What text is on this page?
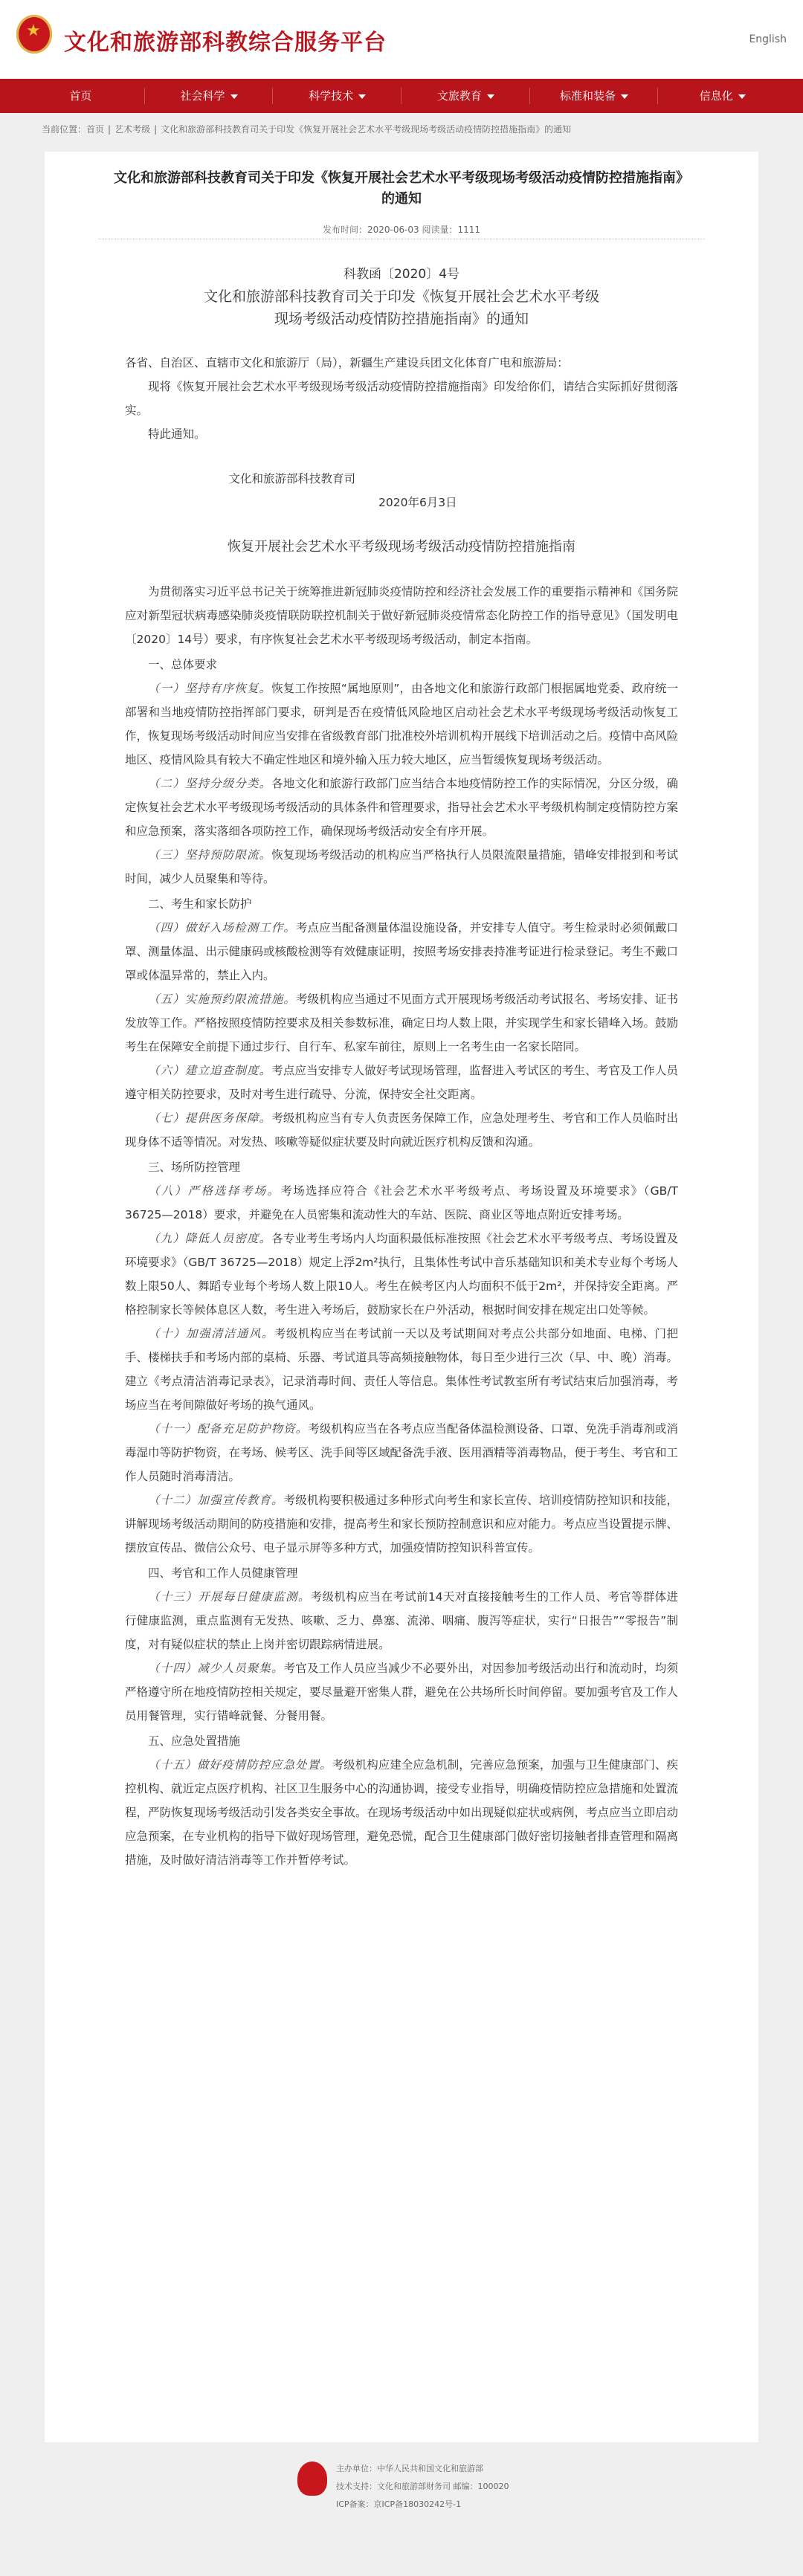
★
文化和旅游部科教综合服务平台	English
首页	社会科学	科学技术	文旅教育	标准和装备	信息化
当前位置：首页 | 艺术考级 | 文化和旅游部科技教育司关于印发《恢复开展社会艺术水平考级现场考级活动疫情防控措施指南》的通知
文化和旅游部科技教育司关于印发《恢复开展社会艺术水平考级现场考级活动疫情防控措施指南》的通知
发布时间：2020-06-03 阅读量：1111

科教函〔2020〕4号

文化和旅游部科技教育司关于印发《恢复开展社会艺术水平考级

现场考级活动疫情防控措施指南》的通知

各省、自治区、直辖市文化和旅游厅（局），新疆生产建设兵团文化体育广电和旅游局：

现将《恢复开展社会艺术水平考级现场考级活动疫情防控措施指南》印发给你们，请结合实际抓好贯彻落实。

特此通知。

文化和旅游部科技教育司

2020年6月3日

恢复开展社会艺术水平考级现场考级活动疫情防控措施指南

为贯彻落实习近平总书记关于统筹推进新冠肺炎疫情防控和经济社会发展工作的重要指示精神和《国务院应对新型冠状病毒感染肺炎疫情联防联控机制关于做好新冠肺炎疫情常态化防控工作的指导意见》（国发明电〔2020〕14号）要求，有序恢复社会艺术水平考级现场考级活动，制定本指南。

一、总体要求

（一）坚持有序恢复。恢复工作按照“属地原则”，由各地文化和旅游行政部门根据属地党委、政府统一部署和当地疫情防控指挥部门要求，研判是否在疫情低风险地区启动社会艺术水平考级现场考级活动恢复工作，恢复现场考级活动时间应当安排在省级教育部门批准校外培训机构开展线下培训活动之后。疫情中高风险地区、疫情风险具有较大不确定性地区和境外输入压力较大地区，应当暂缓恢复现场考级活动。

（二）坚持分级分类。各地文化和旅游行政部门应当结合本地疫情防控工作的实际情况，分区分级，确定恢复社会艺术水平考级现场考级活动的具体条件和管理要求，指导社会艺术水平考级机构制定疫情防控方案和应急预案，落实落细各项防控工作，确保现场考级活动安全有序开展。

（三）坚持预防限流。恢复现场考级活动的机构应当严格执行人员限流限量措施，错峰安排报到和考试时间，减少人员聚集和等待。

二、考生和家长防护

（四）做好入场检测工作。考点应当配备测量体温设施设备，并安排专人值守。考生检录时必须佩戴口罩、测量体温、出示健康码或核酸检测等有效健康证明，按照考场安排表持准考证进行检录登记。考生不戴口罩或体温异常的，禁止入内。

（五）实施预约限流措施。考级机构应当通过不见面方式开展现场考级活动考试报名、考场安排、证书发放等工作。严格按照疫情防控要求及相关参数标准，确定日均人数上限，并实现学生和家长错峰入场。鼓励考生在保障安全前提下通过步行、自行车、私家车前往，原则上一名考生由一名家长陪同。

（六）建立追查制度。考点应当安排专人做好考试现场管理，监督进入考试区的考生、考官及工作人员遵守相关防控要求，及时对考生进行疏导、分流，保持安全社交距离。

（七）提供医务保障。考级机构应当有专人负责医务保障工作，应急处理考生、考官和工作人员临时出现身体不适等情况。对发热、咳嗽等疑似症状要及时向就近医疗机构反馈和沟通。

三、场所防控管理

（八）严格选择考场。考场选择应符合《社会艺术水平考级考点、考场设置及环境要求》（GB/T 36725—2018）要求，并避免在人员密集和流动性大的车站、医院、商业区等地点附近安排考场。

（九）降低人员密度。各专业考生考场内人均面积最低标准按照《社会艺术水平考级考点、考场设置及环境要求》（GB/T 36725—2018）规定上浮2m²执行，且集体性考试中音乐基础知识和美术专业每个考场人数上限50人、舞蹈专业每个考场人数上限10人。考生在候考区内人均面积不低于2m²，并保持安全距离。严格控制家长等候体息区人数，考生进入考场后，鼓励家长在户外活动，根据时间安排在规定出口处等候。

（十）加强清洁通风。考级机构应当在考试前一天以及考试期间对考点公共部分如地面、电梯、门把手、楼梯扶手和考场内部的桌椅、乐器、考试道具等高频接触物体，每日至少进行三次（早、中、晚）消毒。建立《考点清洁消毒记录表》，记录消毒时间、责任人等信息。集体性考试教室所有考试结束后加强消毒，考场应当在考间隙做好考场的换气通风。

（十一）配备充足防护物资。考级机构应当在各考点应当配备体温检测设备、口罩、免洗手消毒剂或消毒湿巾等防护物资，在考场、候考区、洗手间等区域配备洗手液、医用酒精等消毒物品，便于考生、考官和工作人员随时消毒清洁。

（十二）加强宣传教育。考级机构要积极通过多种形式向考生和家长宣传、培训疫情防控知识和技能，讲解现场考级活动期间的防疫措施和安排，提高考生和家长预防控制意识和应对能力。考点应当设置提示牌、摆放宣传品、微信公众号、电子显示屏等多种方式，加强疫情防控知识科普宣传。

四、考官和工作人员健康管理

（十三）开展每日健康监测。考级机构应当在考试前14天对直接接触考生的工作人员、考官等群体进行健康监测，重点监测有无发热、咳嗽、乏力、鼻塞、流涕、咽痛、腹泻等症状，实行“日报告”“零报告”制度，对有疑似症状的禁止上岗并密切跟踪病情进展。

（十四）减少人员聚集。考官及工作人员应当减少不必要外出，对因参加考级活动出行和流动时，均须严格遵守所在地疫情防控相关规定，要尽量避开密集人群，避免在公共场所长时间停留。要加强考官及工作人员用餐管理，实行错峰就餐、分餐用餐。

五、应急处置措施

（十五）做好疫情防控应急处置。考级机构应建全应急机制，完善应急预案，加强与卫生健康部门、疾控机构、就近定点医疗机构、社区卫生服务中心的沟通协调，接受专业指导，明确疫情防控应急措施和处置流程，严防恢复现场考级活动引发各类安全事故。在现场考级活动中如出现疑似症状或病例，考点应当立即启动应急预案，在专业机构的指导下做好现场管理，避免恐慌，配合卫生健康部门做好密切接触者排查管理和隔离措施，及时做好清洁消毒等工作并暂停考试。

主办单位：中华人民共和国文化和旅游部
技术支持：文化和旅游部财务司 邮编：100020
ICP备案：京ICP备18030242号-1
